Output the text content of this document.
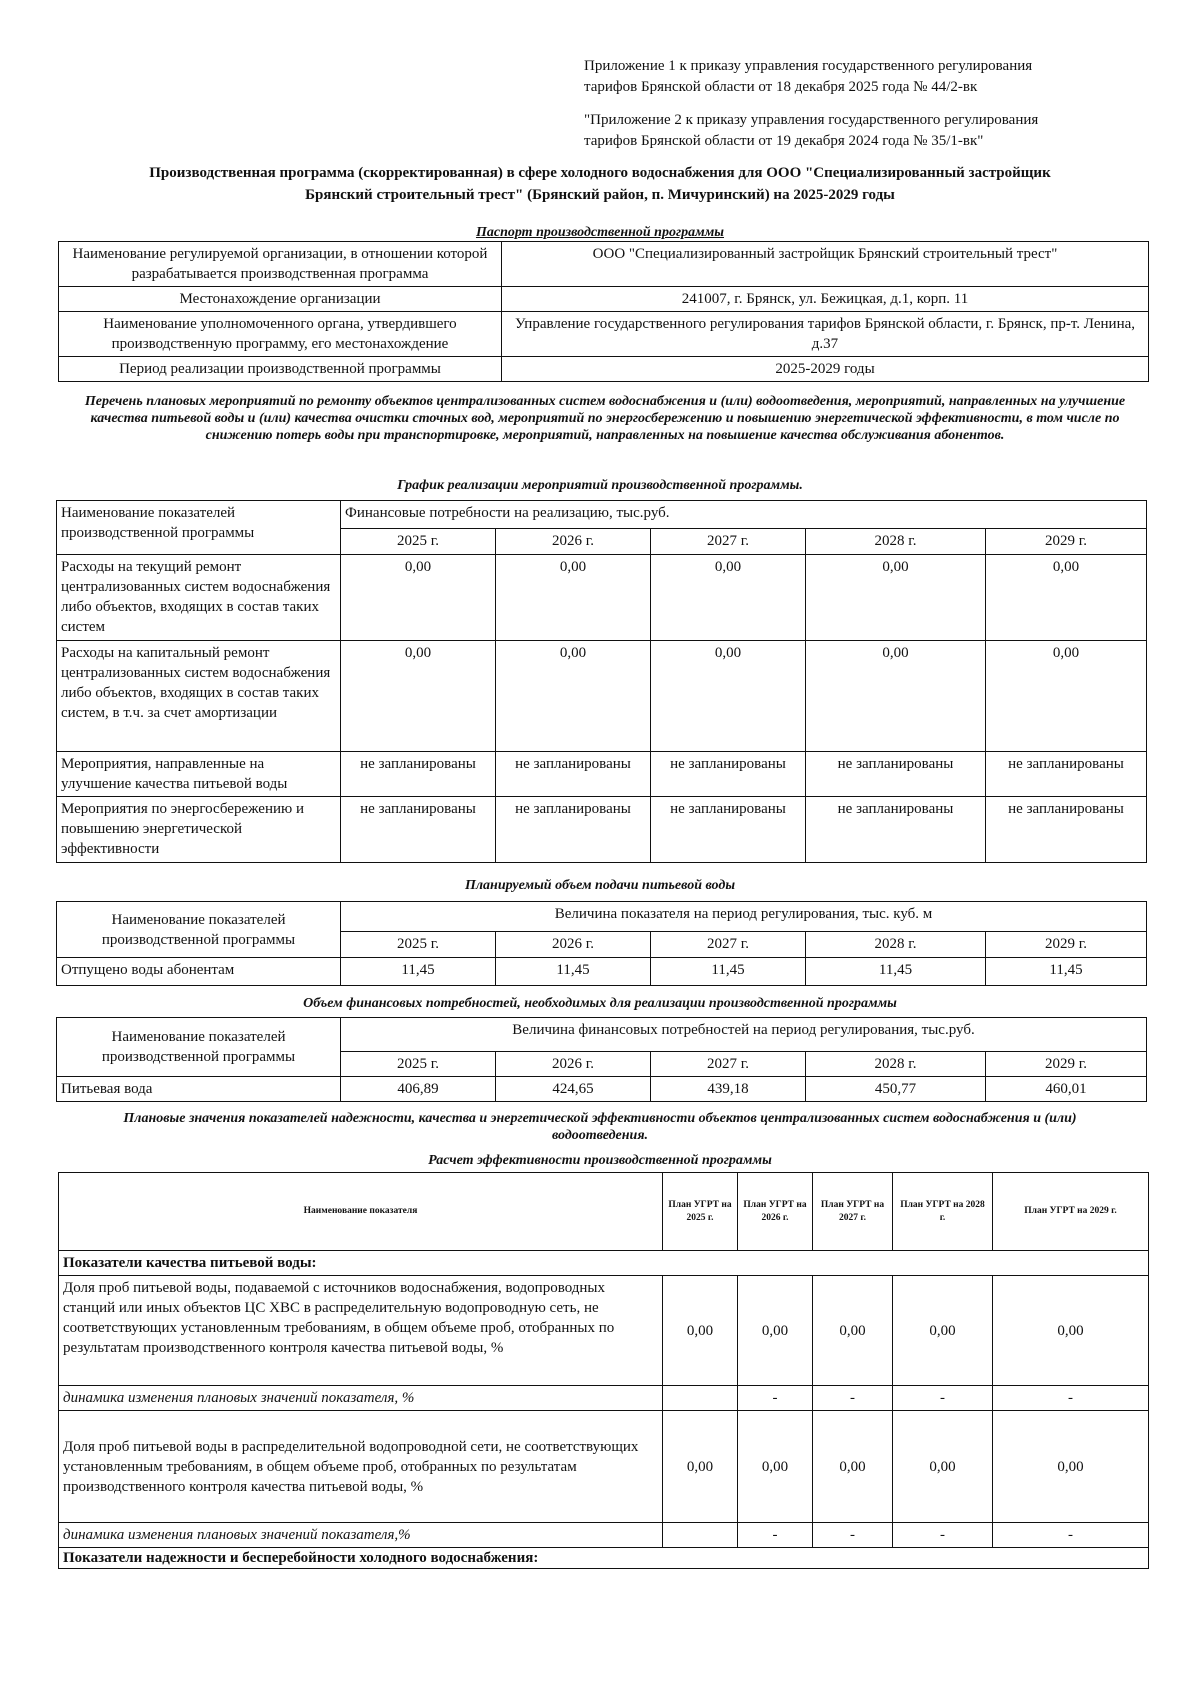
Приложение 1 к приказу управления государственного регулирования
тарифов Брянской области от 18 декабря 2025 года № 44/2-вк
"Приложение 2 к приказу управления государственного регулирования
тарифов Брянской области от 19 декабря 2024 года № 35/1-вк"
Производственная программа (скорректированная) в сфере холодного водоснабжения для ООО "Специализированный застройщик
Брянский строительный трест" (Брянский район, п. Мичуринский) на 2025-2029 годы
Паспорт производственной программы
Наименование регулируемой организации, в отношении которой разрабатывается производственная программа	ООО "Специализированный застройщик Брянский строительный трест"
Местонахождение организации	241007, г. Брянск, ул. Бежицкая, д.1, корп. 11
Наименование уполномоченного органа, утвердившего производственную программу, его местонахождение	Управление государственного регулирования тарифов Брянской области, г. Брянск, пр-т. Ленина, д.37
Период реализации производственной программы	2025-2029 годы
Перечень плановых мероприятий по ремонту объектов централизованных систем водоснабжения и (или) водоотведения, мероприятий, направленных на улучшение качества питьевой воды и (или) качества очистки сточных вод, мероприятий по энергосбережению и повышению энергетической эффективности, в том числе по снижению потерь воды при транспортировке, мероприятий, направленных на повышение качества обслуживания абонентов.
График реализации мероприятий производственной программы.
Наименование показателей производственной программы	Финансовые потребности на реализацию, тыс.руб.				
	2025 г.	2026 г.	2027 г.	2028 г.	2029 г.
Расходы на текущий ремонт централизованных систем водоснабжения либо объектов, входящих в состав таких систем	0,00	0,00	0,00	0,00	0,00
Расходы на капитальный ремонт централизованных систем водоснабжения либо объектов, входящих в состав таких систем, в т.ч. за счет амортизации	0,00	0,00	0,00	0,00	0,00
Мероприятия, направленные на улучшение качества питьевой воды	не запланированы	не запланированы	не запланированы	не запланированы	не запланированы
Мероприятия по энергосбережению и повышению энергетической эффективности	не запланированы	не запланированы	не запланированы	не запланированы	не запланированы
Планируемый объем подачи питьевой воды
Наименование показателей производственной программы	Величина показателя на период регулирования, тыс. куб. м				
	2025 г.	2026 г.	2027 г.	2028 г.	2029 г.
Отпущено воды абонентам	11,45	11,45	11,45	11,45	11,45
Объем финансовых потребностей, необходимых для реализации производственной программы
Наименование показателей производственной программы	Величина финансовых потребностей на период регулирования, тыс.руб.				
	2025 г.	2026 г.	2027 г.	2028 г.	2029 г.
Питьевая вода	406,89	424,65	439,18	450,77	460,01
Плановые значения показателей надежности, качества и энергетической эффективности объектов централизованных систем водоснабжения и (или) водоотведения.
Расчет эффективности производственной программы
Наименование показателя	План УГРТ на 2025 г.	План УГРТ на 2026 г.	План УГРТ на 2027 г.	План УГРТ на 2028 г.	План УГРТ на 2029 г.
Показатели качества питьевой воды:					
Доля проб питьевой воды, подаваемой с источников водоснабжения, водопроводных станций или иных объектов ЦС ХВС в распределительную водопроводную сеть, не соответствующих установленным требованиям, в общем объеме проб, отобранных по результатам производственного контроля качества питьевой воды, %	0,00	0,00	0,00	0,00	0,00
динамика изменения плановых значений показателя, %		-	-	-	-
Доля проб питьевой воды в распределительной водопроводной сети, не соответствующих установленным требованиям, в общем объеме проб, отобранных по результатам производственного контроля качества питьевой воды, %	0,00	0,00	0,00	0,00	0,00
динамика изменения плановых значений показателя,%		-	-	-	-
Показатели надежности и бесперебойности холодного водоснабжения:					
